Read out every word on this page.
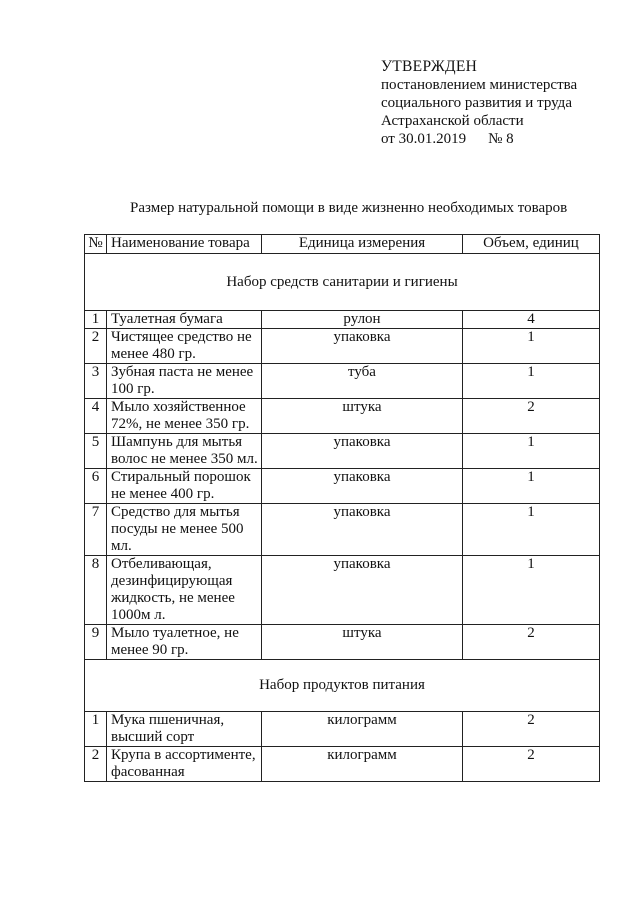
УТВЕРЖДЕН
постановлением министерства
социального развития и труда
Астраханской области
от 30.01.2019 № 8
Размер натуральной помощи в виде жизненно необходимых товаров
№	Наименование товара	Единица измерения	Объем, единиц
Набор средств санитарии и гигиены			
1	Туалетная бумага	рулон	4
2	Чистящее средство не менее 480 гр.	упаковка	1
3	Зубная паста не менее 100 гр.	туба	1
4	Мыло хозяйственное 72%, не менее 350 гр.	штука	2
5	Шампунь для мытья волос не менее 350 мл.	упаковка	1
6	Стиральный порошок не менее 400 гр.	упаковка	1
7	Средство для мытья посуды не менее 500 мл.	упаковка	1
8	Отбеливающая, дезинфицирующая жидкость, не менее 1000м л.	упаковка	1
9	Мыло туалетное, не менее 90 гр.	штука	2
Набор продуктов питания			
1	Мука пшеничная, высший сорт	килограмм	2
2	Крупа в ассортименте, фасованная	килограмм	2
